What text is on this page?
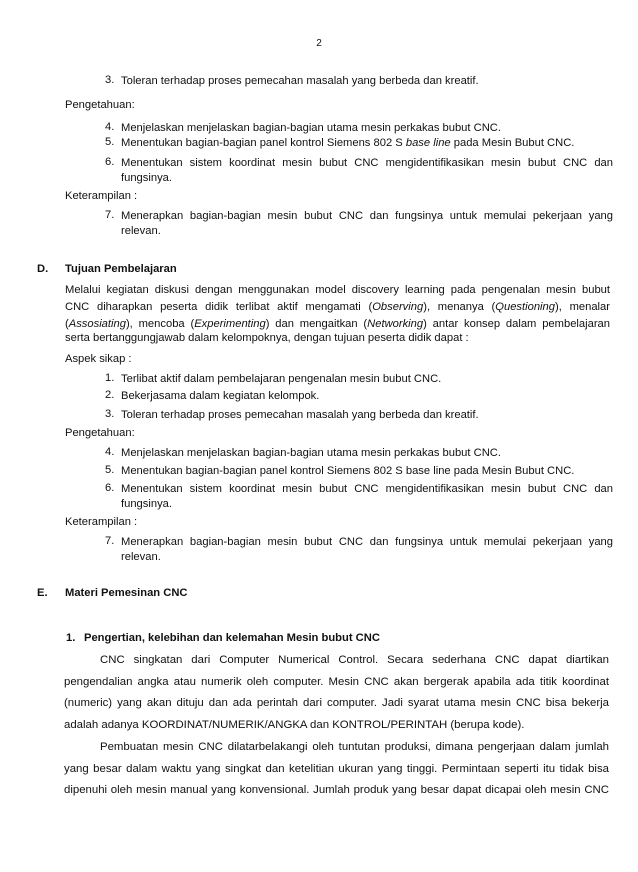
2
3. Toleran terhadap proses pemecahan masalah yang berbeda dan kreatif.
Pengetahuan:
4. Menjelaskan menjelaskan bagian-bagian utama mesin perkakas bubut CNC.
5. Menentukan bagian-bagian panel kontrol Siemens 802 S base line pada Mesin Bubut CNC.
6. Menentukan sistem koordinat mesin bubut CNC mengidentifikasikan mesin bubut CNC dan
fungsinya.
Keterampilan :
7. Menerapkan bagian-bagian mesin bubut CNC dan fungsinya untuk memulai pekerjaan yang
relevan.
D. Tujuan Pembelajaran
Melalui kegiatan diskusi dengan menggunakan model discovery learning pada pengenalan mesin bubut
CNC diharapkan peserta didik terlibat aktif mengamati (Observing), menanya (Questioning), menalar
(Assosiating), mencoba (Experimenting) dan mengaitkan (Networking) antar konsep dalam pembelajaran
serta bertanggungjawab dalam kelompoknya, dengan tujuan peserta didik dapat :
Aspek sikap :
1. Terlibat aktif dalam pembelajaran pengenalan mesin bubut CNC.
2. Bekerjasama dalam kegiatan kelompok.
3. Toleran terhadap proses pemecahan masalah yang berbeda dan kreatif.
Pengetahuan:
4. Menjelaskan menjelaskan bagian-bagian utama mesin perkakas bubut CNC.
5. Menentukan bagian-bagian panel kontrol Siemens 802 S base line pada Mesin Bubut CNC.
6. Menentukan sistem koordinat mesin bubut CNC mengidentifikasikan mesin bubut CNC dan
fungsinya.
Keterampilan :
7. Menerapkan bagian-bagian mesin bubut CNC dan fungsinya untuk memulai pekerjaan yang
relevan.
E. Materi Pemesinan CNC
1. Pengertian, kelebihan dan kelemahan Mesin bubut CNC
CNC singkatan dari Computer Numerical Control. Secara sederhana CNC dapat diartikan
pengendalian angka atau numerik oleh computer. Mesin CNC akan bergerak apabila ada titik koordinat
(numeric) yang akan dituju dan ada perintah dari computer. Jadi syarat utama mesin CNC bisa bekerja
adalah adanya KOORDINAT/NUMERIK/ANGKA dan KONTROL/PERINTAH (berupa kode).
Pembuatan mesin CNC dilatarbelakangi oleh tuntutan produksi, dimana pengerjaan dalam jumlah
yang besar dalam waktu yang singkat dan ketelitian ukuran yang tinggi. Permintaan seperti itu tidak bisa
dipenuhi oleh mesin manual yang konvensional. Jumlah produk yang besar dapat dicapai oleh mesin CNC
